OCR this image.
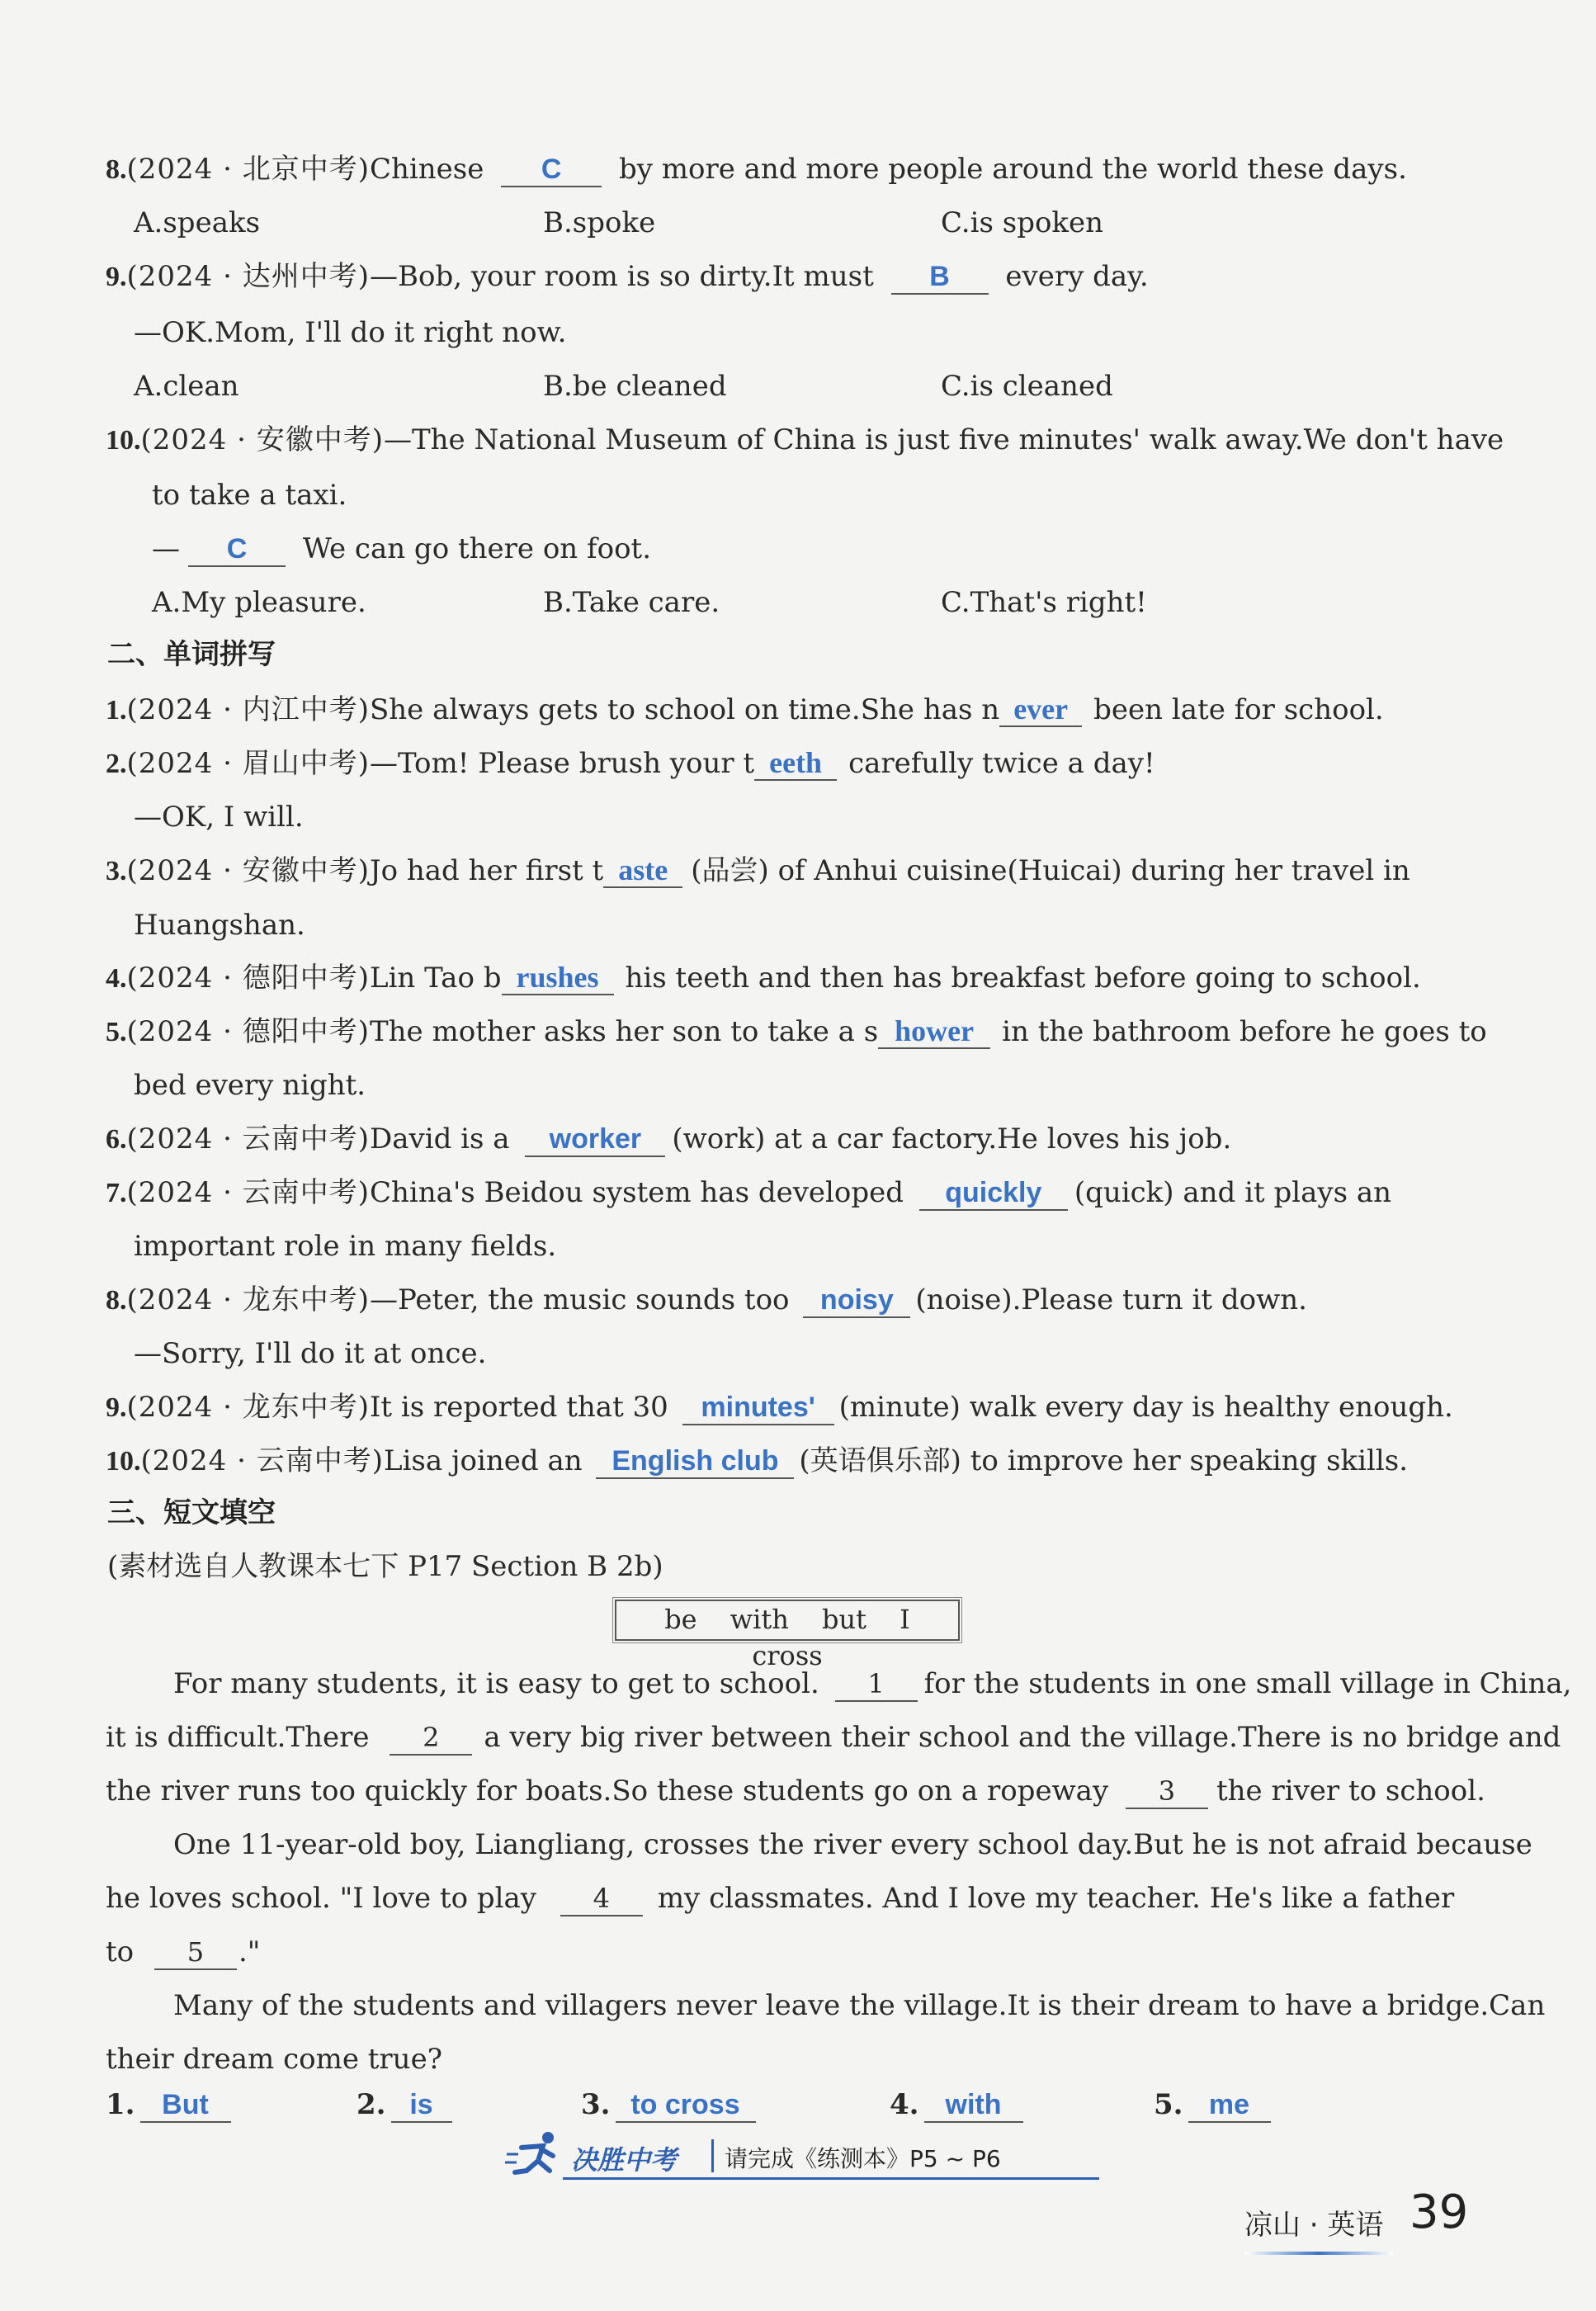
8.(2024 · 北京中考)Chinese C by more and more people around the world these days.
A.speaks	B.spoke	C.is spoken
9.(2024 · 达州中考)—Bob, your room is so dirty.It must B every day.
—OK.Mom, I'll do it right now.
A.clean	B.be cleaned	C.is cleaned
10.(2024 · 安徽中考)—The National Museum of China is just five minutes' walk away.We don't have
to take a taxi.
— C We can go there on foot.
A.My pleasure.	B.Take care.	C.That's right!
二、单词拼写
1.(2024 · 内江中考)She always gets to school on time.She has n ever been late for school.
2.(2024 · 眉山中考)—Tom! Please brush your t eeth carefully twice a day!
—OK, I will.
3.(2024 · 安徽中考)Jo had her first t aste (品尝) of Anhui cuisine(Huicai) during her travel in
Huangshan.
4.(2024 · 德阳中考)Lin Tao b rushes his teeth and then has breakfast before going to school.
5.(2024 · 德阳中考)The mother asks her son to take a s hower in the bathroom before he goes to
bed every night.
6.(2024 · 云南中考)David is a worker (work) at a car factory.He loves his job.
7.(2024 · 云南中考)China's Beidou system has developed quickly (quick) and it plays an
important role in many fields.
8.(2024 · 龙东中考)—Peter, the music sounds too noisy (noise).Please turn it down.
—Sorry, I'll do it at once.
9.(2024 · 龙东中考)It is reported that 30 minutes' (minute) walk every day is healthy enough.
10.(2024 · 云南中考)Lisa joined an English club (英语俱乐部) to improve her speaking skills.
三、短文填空
(素材选自人教课本七下 P17 Section B 2b)
be with but I cross
For many students, it is easy to get to school. 1 for the students in one small village in China,
it is difficult.There 2 a very big river between their school and the village.There is no bridge and
the river runs too quickly for boats.So these students go on a ropeway 3 the river to school.
One 11-year-old boy, Liangliang, crosses the river every school day.But he is not afraid because
he loves school. "I love to play 4 my classmates. And I love my teacher. He's like a father
to 5 ."
Many of the students and villagers never leave the village.It is their dream to have a bridge.Can
their dream come true?
1. But	2. is	3. to cross	4. with	5. me
决胜中考 请完成《练测本》P5 ~ P6
凉山 · 英语 39
